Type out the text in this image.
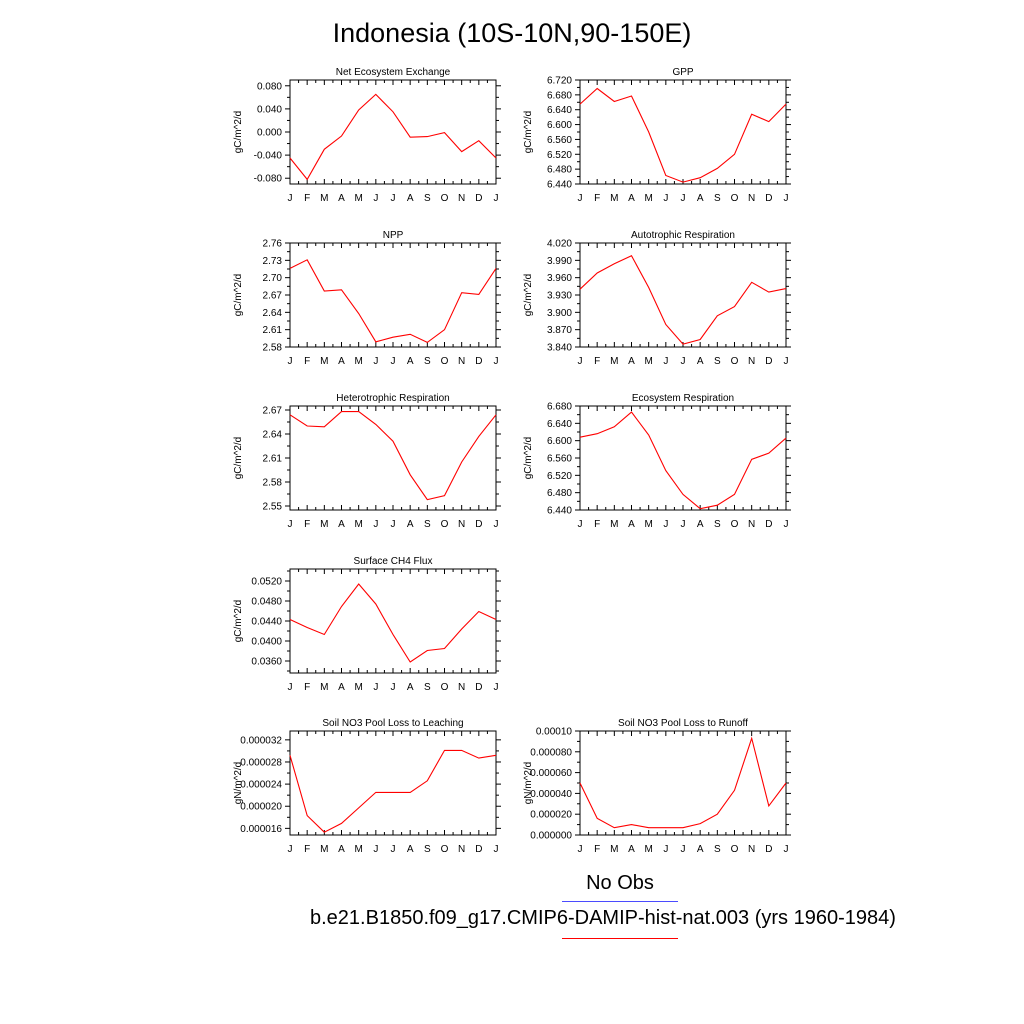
Indonesia (10S-10N,90-150E)
Net Ecosystem Exchange
gC/m^2/d
J F M A M J J A S O N D J
0.080
0.040
0.000
-0.040
-0.080
GPP
gC/m^2/d
J F M A M J J A S O N D J
6.720
6.680
6.640
6.600
6.560
6.520
6.480
6.440
NPP
gC/m^2/d
J F M A M J J A S O N D J
2.76
2.73
2.70
2.67
2.64
2.61
2.58
Autotrophic Respiration
gC/m^2/d
J F M A M J J A S O N D J
4.020
3.990
3.960
3.930
3.900
3.870
3.840
Heterotrophic Respiration
gC/m^2/d
J F M A M J J A S O N D J
2.67
2.64
2.61
2.58
2.55
Ecosystem Respiration
gC/m^2/d
J F M A M J J A S O N D J
6.680
6.640
6.600
6.560
6.520
6.480
6.440
Surface CH4 Flux
gC/m^2/d
J F M A M J J A S O N D J
0.0520
0.0480
0.0440
0.0400
0.0360
Soil NO3 Pool Loss to Leaching
gN/m^2/d
J F M A M J J A S O N D J
0.000032
0.000028
0.000024
0.000020
0.000016
Soil NO3 Pool Loss to Runoff
gN/m^2/d
J F M A M J J A S O N D J
0.00010
0.000080
0.000060
0.000040
0.000020
0.000000
No Obs
b.e21.B1850.f09_g17.CMIP6-DAMIP-hist-nat.003 (yrs 1960-1984)
